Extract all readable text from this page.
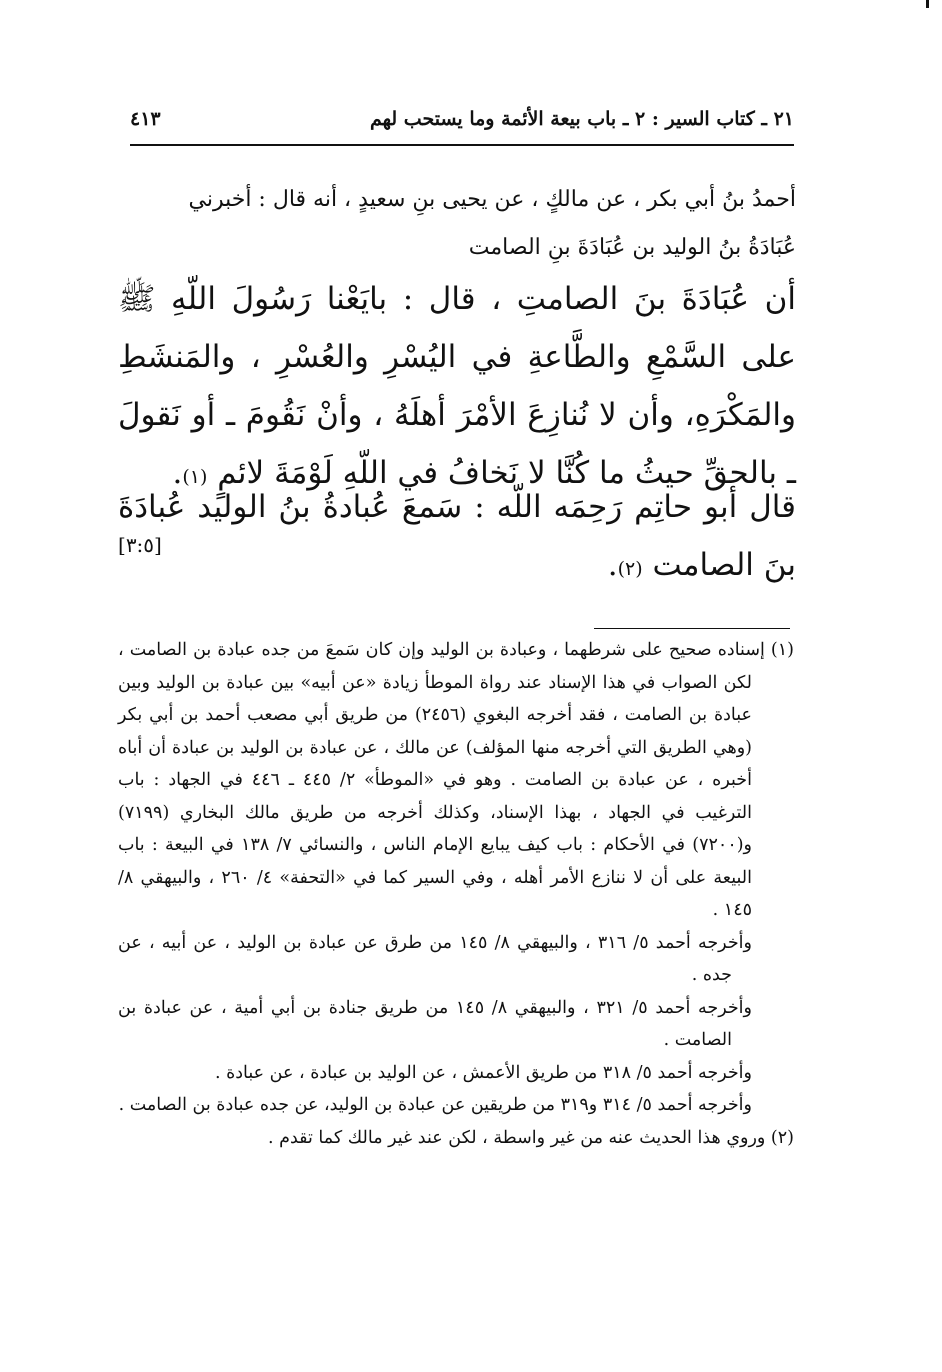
٢١ ـ كتاب السير : ٢ ـ باب بيعة الأئمة وما يستحب لهم
٤١٣

أحمدُ بنُ أبي بكر ، عن مالكٍ ، عن يحيى بنِ سعيدٍ ، أنه قال : أخبرني

عُبَادَةُ بنُ الوليد بن عُبَادَةَ بنِ الصامت

أن عُبَادَةَ بنَ الصامتِ ، قال : بايَعْنا رَسُولَ اللّهِ ﷺ على السَّمْعِ والطَّاعةِ في اليُسْرِ والعُسْرِ ، والمَنشَطِ والمَكْرَهِ، وأن لا نُنازِعَ الأمْرَ أهلَهُ ، وأنْ نَقُومَ ـ أو نَقولَ ـ بالحقِّ حيثُ ما كُنَّا لا نَخافُ في اللّهِ لَوْمَةَ لائمٍ (١).

قال أبو حاتِم رَحِمَه اللّه : سَمعَ عُبادةُ بنُ الوليد عُبادَةَ بنَ الصامت (٢).

[٣:٥]

(١) إسناده صحيح على شرطهما ، وعبادة بن الوليد وإن كان سَمعَ من جده عبادة بن الصامت ، لكن الصواب في هذا الإسناد عند رواة الموطأ زيادة «عن أبيه» بين عبادة بن الوليد وبين عبادة بن الصامت ، فقد أخرجه البغوي (٢٤٥٦) من طريق أبي مصعب أحمد بن أبي بكر (وهي الطريق التي أخرجه منها المؤلف) عن مالك ، عن عبادة بن الوليد بن عبادة أن أباه أخبره ، عن عبادة بن الصامت . وهو في «الموطأ» ٢/ ٤٤٥ ـ ٤٤٦ في الجهاد : باب الترغيب في الجهاد ، بهذا الإسناد، وكذلك أخرجه من طريق مالك البخاري (٧١٩٩) و(٧٢٠٠) في الأحكام : باب كيف يبايع الإمام الناس ، والنسائي ٧/ ١٣٨ في البيعة : باب البيعة على أن لا ننازع الأمر أهله ، وفي السير كما في «التحفة» ٤/ ٢٦٠ ، والبيهقي ٨/ ١٤٥ .

وأخرجه أحمد ٥/ ٣١٦ ، والبيهقي ٨/ ١٤٥ من طرق عن عبادة بن الوليد ، عن أبيه ، عن جده .

وأخرجه أحمد ٥/ ٣٢١ ، والبيهقي ٨/ ١٤٥ من طريق جنادة بن أبي أمية ، عن عبادة بن الصامت .

وأخرجه أحمد ٥/ ٣١٨ من طريق الأعمش ، عن الوليد بن عبادة ، عن عبادة .

وأخرجه أحمد ٥/ ٣١٤ و٣١٩ من طريقين عن عبادة بن الوليد، عن جده عبادة بن الصامت .

(٢) وروي هذا الحديث عنه من غير واسطة ، لكن عند غير مالك كما تقدم .
